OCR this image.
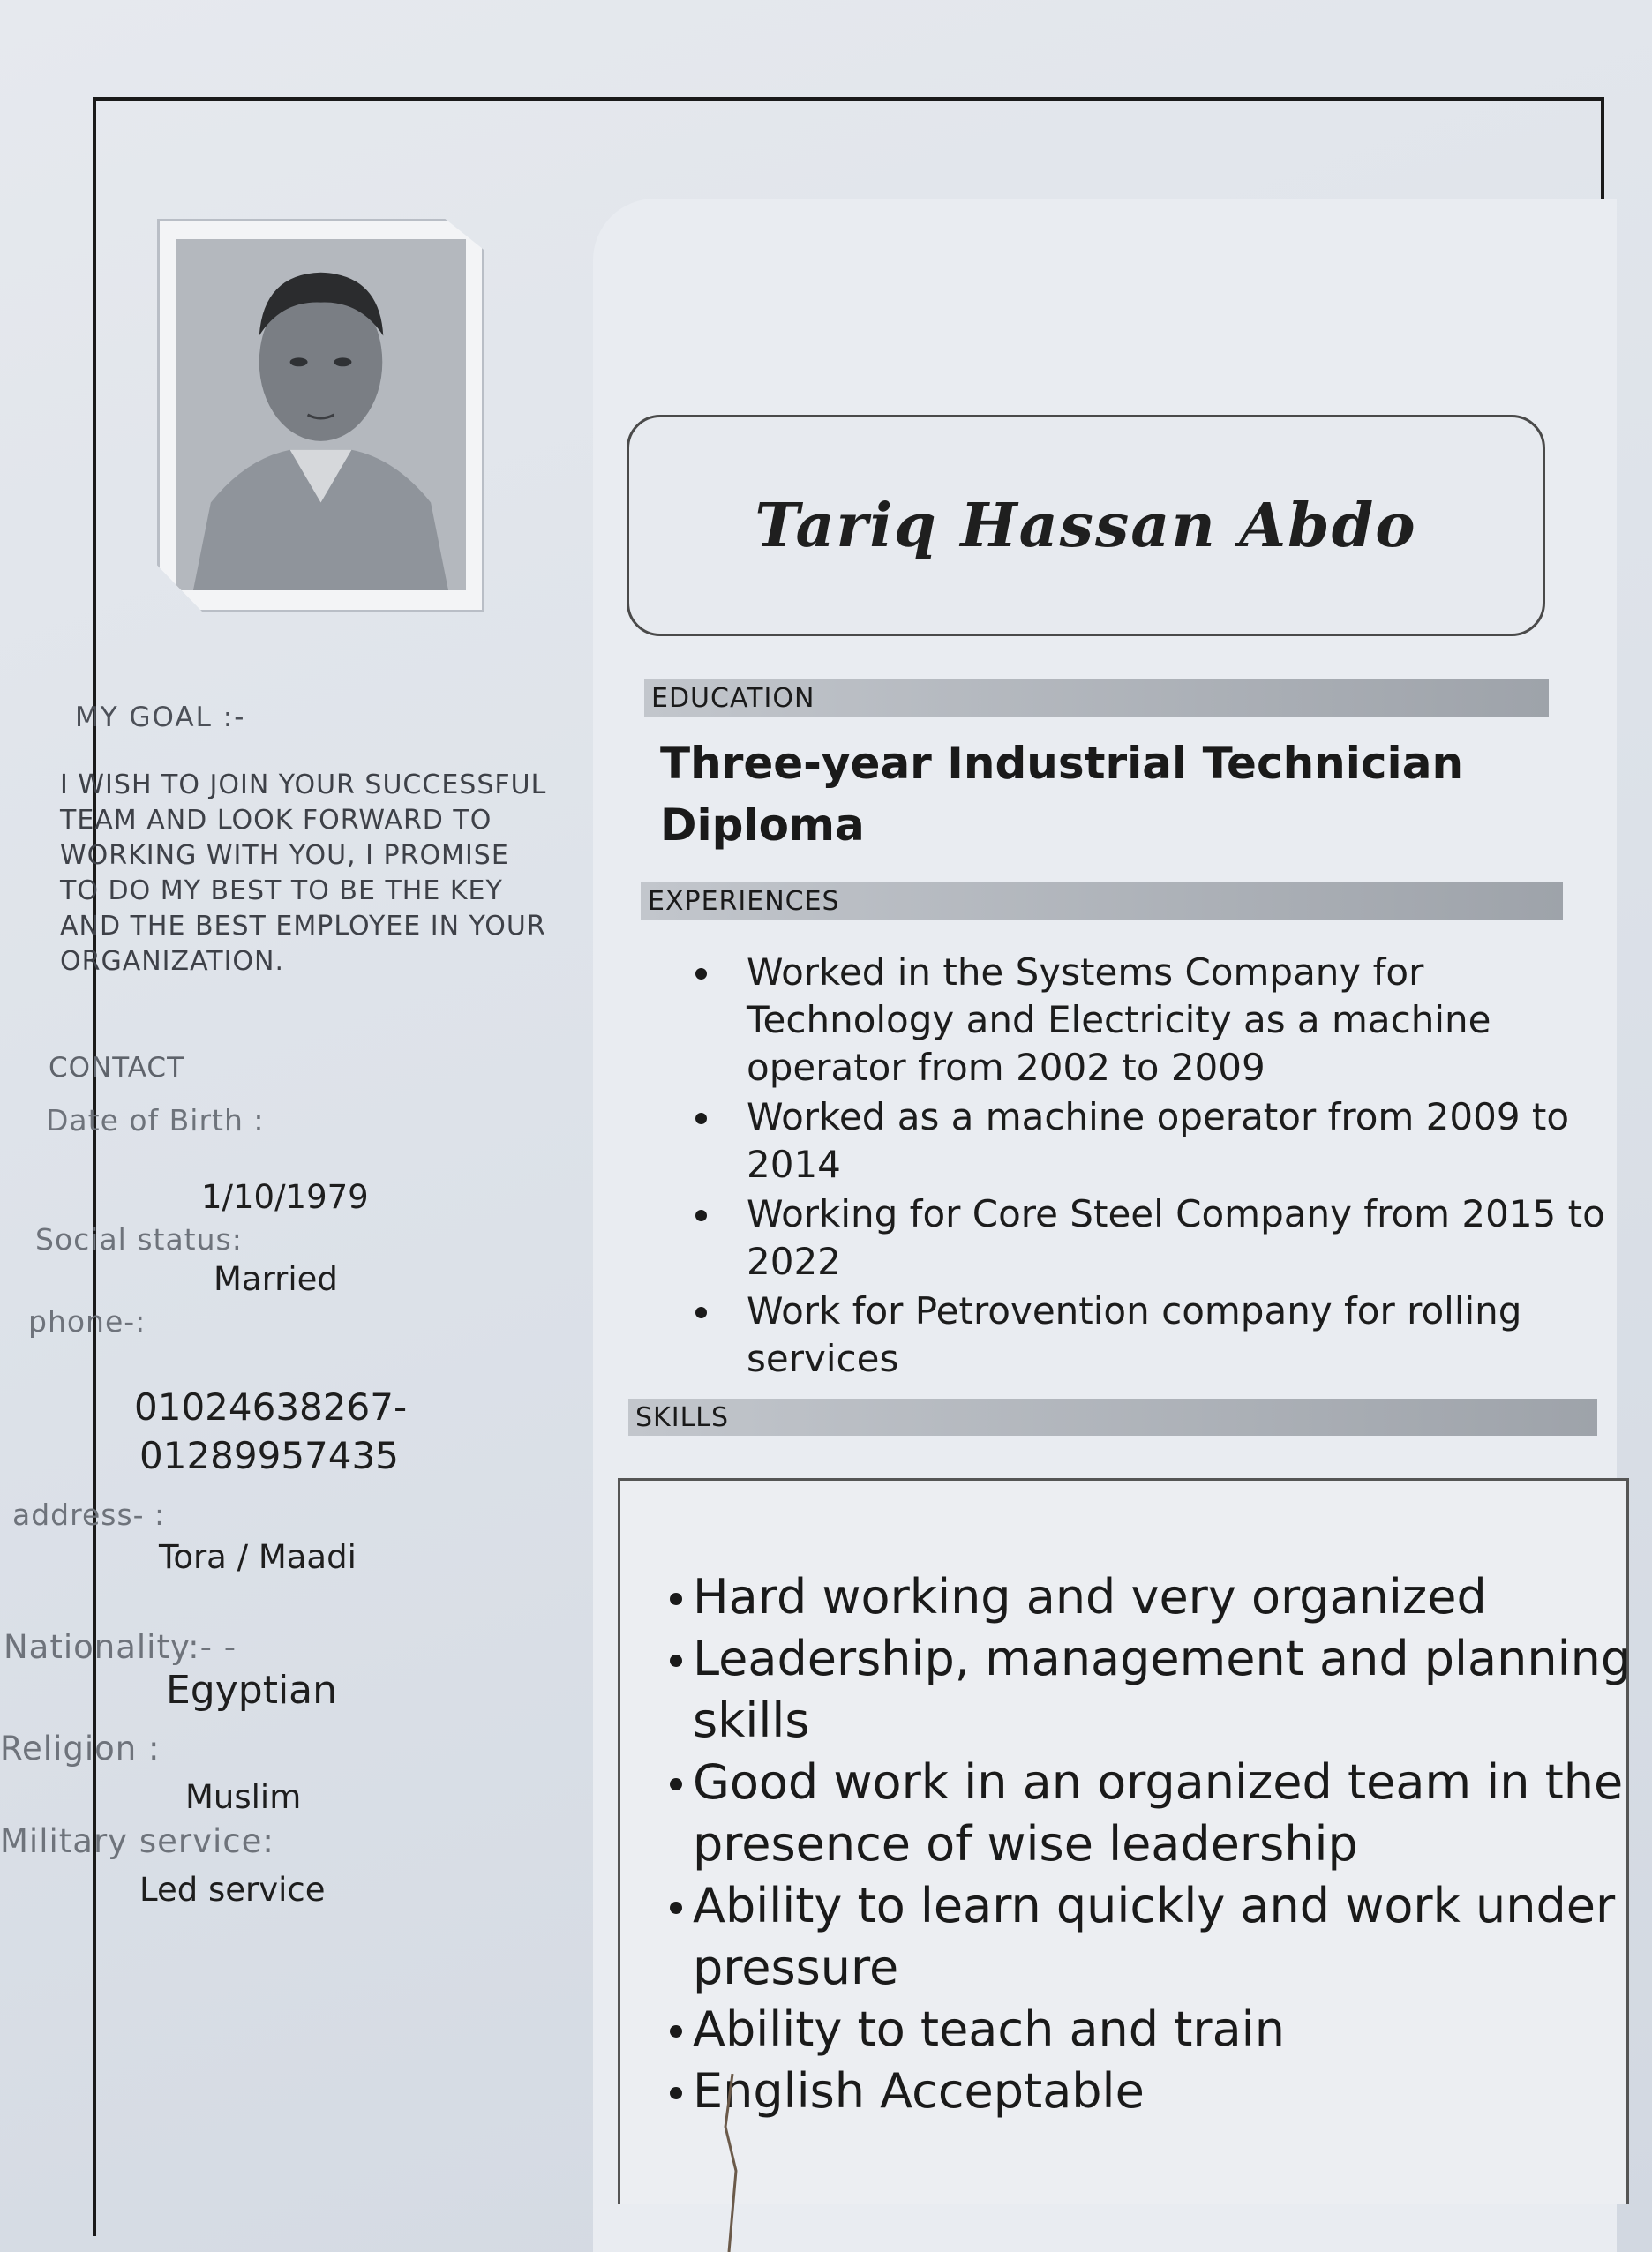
Tariq Hassan Abdo
MY GOAL :-
I WISH TO JOIN YOUR SUCCESSFUL TEAM AND LOOK FORWARD TO WORKING WITH YOU, I PROMISE TO DO MY BEST TO BE THE KEY AND THE BEST EMPLOYEE IN YOUR ORGANIZATION.
CONTACT
Date of Birth :
1/10/1979
Social status:
Married
phone-:
01024638267-
01289957435
address- :
Tora / Maadi
Nationality:- -
Egyptian
Religion :
Muslim
Military service:
Led service
EDUCATION
Three-year Industrial Technician Diploma
EXPERIENCES
Worked in the Systems Company for Technology and Electricity as a machine operator from 2002 to 2009
Worked as a machine operator from 2009 to 2014
Working for Core Steel Company from 2015 to 2022
Work for Petrovention company for rolling services
SKILLS
Hard working and very organized
Leadership, management and planning skills
Good work in an organized team in the presence of wise leadership
Ability to learn quickly and work under pressure
Ability to teach and train
English Acceptable
